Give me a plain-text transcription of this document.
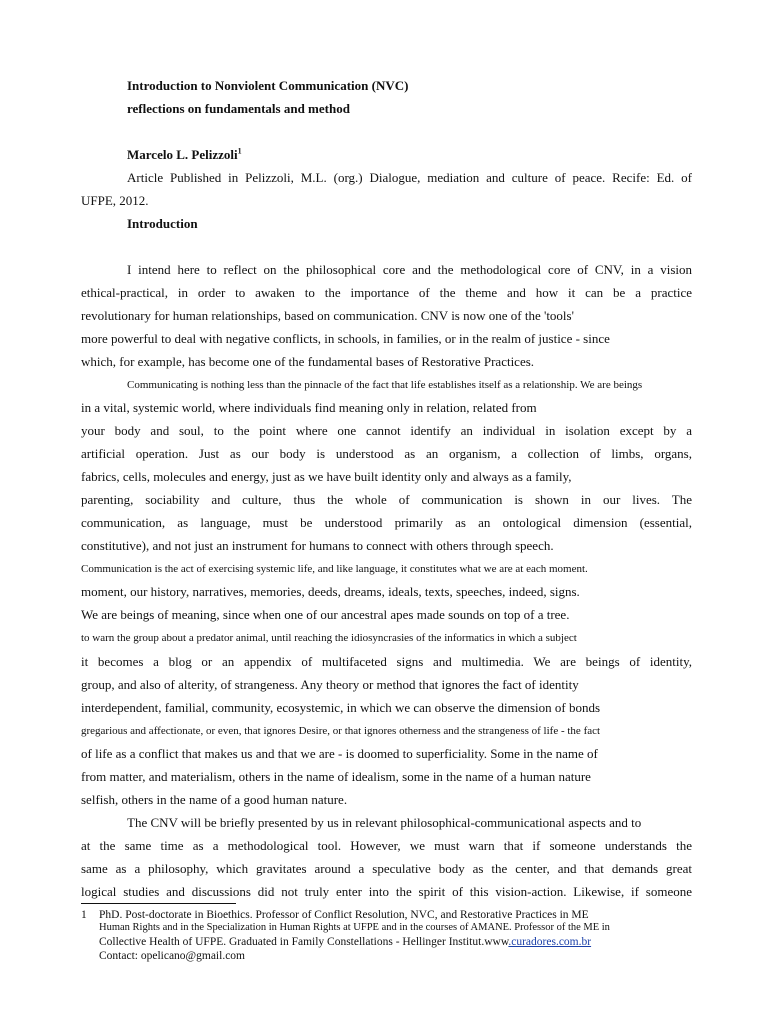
Introduction to Nonviolent Communication (NVC)
reflections on fundamentals and method
Marcelo L. Pelizzoli$^1$
Article Published in Pelizzoli, M.L. (org.) Dialogue, mediation and culture of peace. Recife: Ed. of
UFPE, 2012.
Introduction
I intend here to reflect on the philosophical core and the methodological core of CNV, in a vision
ethical-practical, in order to awaken to the importance of the theme and how it can be a practice
revolutionary for human relationships, based on communication. CNV is now one of the 'tools'
more powerful to deal with negative conflicts, in schools, in families, or in the realm of justice - since
which, for example, has become one of the fundamental bases of Restorative Practices.
Communicating is nothing less than the pinnacle of the fact that life establishes itself as a relationship. We are beings
in a vital, systemic world, where individuals find meaning only in relation, related from
your body and soul, to the point where one cannot identify an individual in isolation except by a
artificial operation. Just as our body is understood as an organism, a collection of limbs, organs,
fabrics, cells, molecules and energy, just as we have built identity only and always as a family,
parenting, sociability and culture, thus the whole of communication is shown in our lives. The
communication, as language, must be understood primarily as an ontological dimension (essential,
constitutive), and not just an instrument for humans to connect with others through speech.
Communication is the act of exercising systemic life, and like language, it constitutes what we are at each moment.
moment, our history, narratives, memories, deeds, dreams, ideals, texts, speeches, indeed, signs.
We are beings of meaning, since when one of our ancestral apes made sounds on top of a tree.
to warn the group about a predator animal, until reaching the idiosyncrasies of the informatics in which a subject
it becomes a blog or an appendix of multifaceted signs and multimedia. We are beings of identity,
group, and also of alterity, of strangeness. Any theory or method that ignores the fact of identity
interdependent, familial, community, ecosystemic, in which we can observe the dimension of bonds
gregarious and affectionate, or even, that ignores Desire, or that ignores otherness and the strangeness of life - the fact
of life as a conflict that makes us and that we are - is doomed to superficiality. Some in the name of
from matter, and materialism, others in the name of idealism, some in the name of a human nature
selfish, others in the name of a good human nature.
The CNV will be briefly presented by us in relevant philosophical-communicational aspects and to
at the same time as a methodological tool. However, we must warn that if someone understands the
same as a philosophy, which gravitates around a speculative body as the center, and that demands great
logical studies and discussions did not truly enter into the spirit of this vision-action. Likewise, if someone
1 PhD. Post-doctorate in Bioethics. Professor of Conflict Resolution, NVC, and Restorative Practices in ME
Human Rights and in the Specialization in Human Rights at UFPE and in the courses of AMANE. Professor of the ME in
Collective Health of UFPE. Graduated in Family Constellations - Hellinger Institut.www.curadores.com.br
Contact: opelicano@gmail.com
